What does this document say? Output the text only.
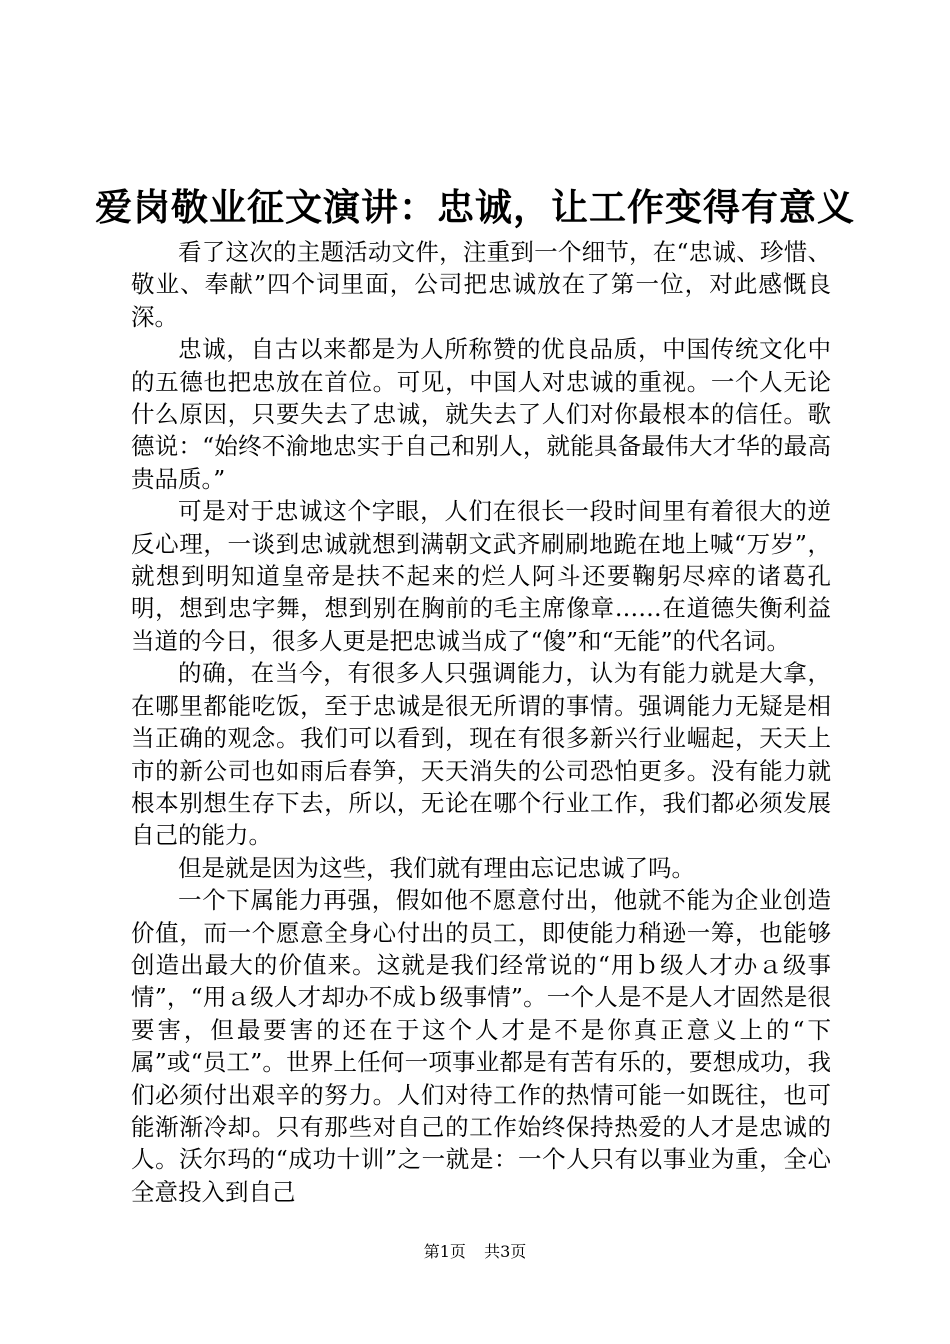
爱岗敬业征文演讲：忠诚，让工作变得有意义

看了这次的主题活动文件，注重到一个细节，在“忠诚、珍惜、敬业、奉献”四个词里面，公司把忠诚放在了第一位，对此感慨良深。

忠诚，自古以来都是为人所称赞的优良品质，中国传统文化中的五德也把忠放在首位。可见，中国人对忠诚的重视。一个人无论什么原因，只要失去了忠诚，就失去了人们对你最根本的信任。歌德说：“始终不渝地忠实于自己和别人，就能具备最伟大才华的最高贵品质。”

可是对于忠诚这个字眼，人们在很长一段时间里有着很大的逆反心理，一谈到忠诚就想到满朝文武齐刷刷地跪在地上喊“万岁”，就想到明知道皇帝是扶不起来的烂人阿斗还要鞠躬尽瘁的诸葛孔明，想到忠字舞，想到别在胸前的毛主席像章……在道德失衡利益当道的今日，很多人更是把忠诚当成了“傻”和“无能”的代名词。

的确，在当今，有很多人只强调能力，认为有能力就是大拿，在哪里都能吃饭，至于忠诚是很无所谓的事情。强调能力无疑是相当正确的观念。我们可以看到，现在有很多新兴行业崛起，天天上市的新公司也如雨后春笋，天天消失的公司恐怕更多。没有能力就根本别想生存下去，所以，无论在哪个行业工作，我们都必须发展自己的能力。

但是就是因为这些，我们就有理由忘记忠诚了吗。

一个下属能力再强，假如他不愿意付出，他就不能为企业创造价值，而一个愿意全身心付出的员工，即使能力稍逊一筹，也能够创造出最大的价值来。这就是我们经常说的“用ｂ级人才办ａ级事情”，“用ａ级人才却办不成ｂ级事情”。一个人是不是人才固然是很要害，但最要害的还在于这个人才是不是你真正意义上的“下属”或“员工”。世界上任何一项事业都是有苦有乐的，要想成功，我们必须付出艰辛的努力。人们对待工作的热情可能一如既往，也可能渐渐冷却。只有那些对自己的工作始终保持热爱的人才是忠诚的人。沃尔玛的“成功十训”之一就是：一个人只有以事业为重，全心全意投入到自己

第1页 共3页
